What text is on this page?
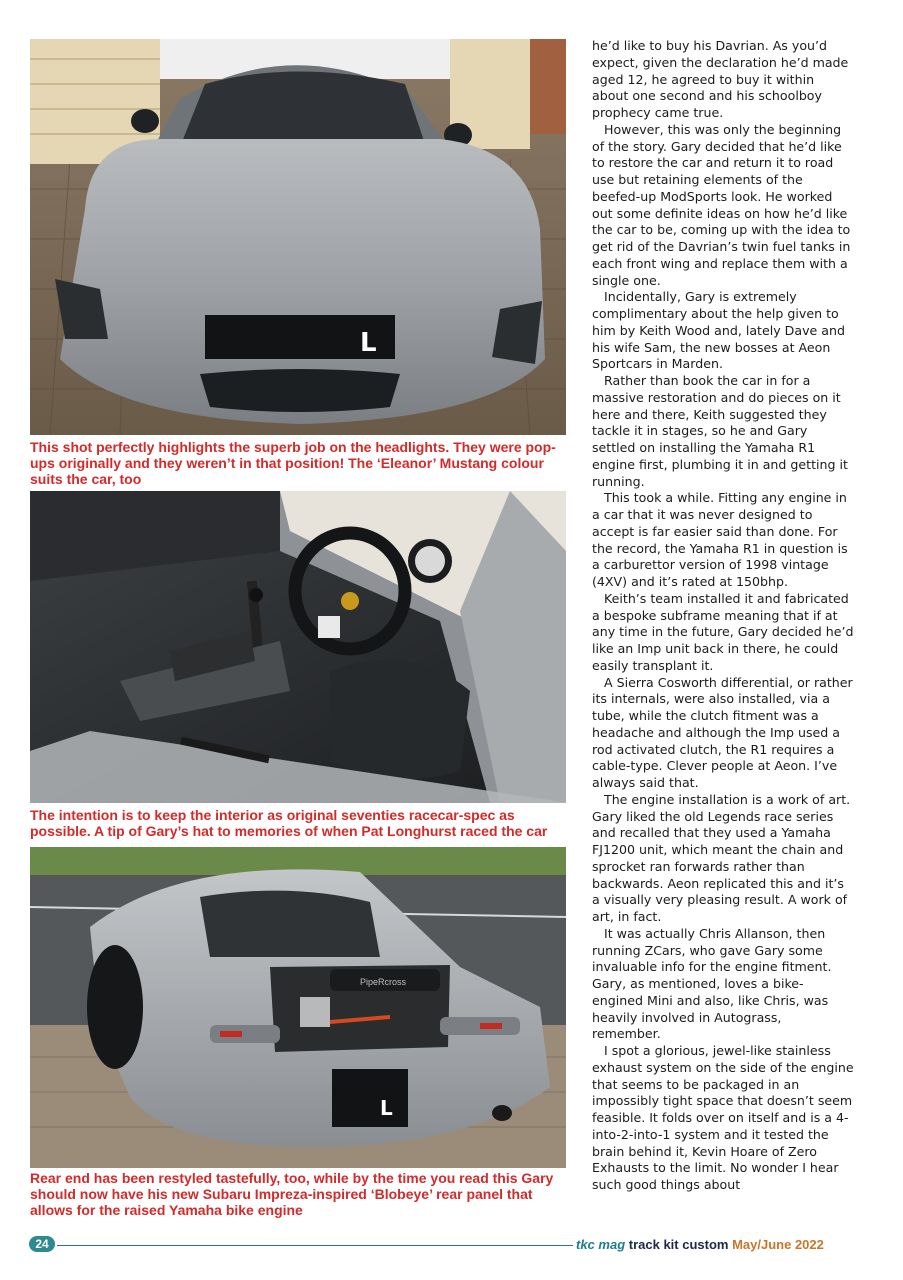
L

This shot perfectly highlights the superb job on the headlights. They were pop-ups originally and they weren’t in that position! The ‘Eleanor’ Mustang colour suits the car, too

The intention is to keep the interior as original seventies racecar-spec as possible. A tip of Gary’s hat to memories of when Pat Longhurst raced the car

PipeRcross
L

Rear end has been restyled tastefully, too, while by the time you read this Gary should now have his new Subaru Impreza-inspired ‘Blobeye’ rear panel that allows for the raised Yamaha bike engine

he’d like to buy his Davrian. As you’d expect, given the declaration he’d made aged 12, he agreed to buy it within about one second and his schoolboy prophecy came true.

However, this was only the beginning of the story. Gary decided that he’d like to restore the car and return it to road use but retaining elements of the beefed-up ModSports look. He worked out some definite ideas on how he’d like the car to be, coming up with the idea to get rid of the Davrian’s twin fuel tanks in each front wing and replace them with a single one.

Incidentally, Gary is extremely complimentary about the help given to him by Keith Wood and, lately Dave and his wife Sam, the new bosses at Aeon Sportcars in Marden.

Rather than book the car in for a massive restoration and do pieces on it here and there, Keith suggested they tackle it in stages, so he and Gary settled on installing the Yamaha R1 engine first, plumbing it in and getting it running.

This took a while. Fitting any engine in a car that it was never designed to accept is far easier said than done. For the record, the Yamaha R1 in question is a carburettor version of 1998 vintage (4XV) and it’s rated at 150bhp.

Keith’s team installed it and fabricated a bespoke subframe meaning that if at any time in the future, Gary decided he’d like an Imp unit back in there, he could easily transplant it.

A Sierra Cosworth differential, or rather its internals, were also installed, via a tube, while the clutch fitment was a headache and although the Imp used a rod activated clutch, the R1 requires a cable-type. Clever people at Aeon. I’ve always said that.

The engine installation is a work of art. Gary liked the old Legends race series and recalled that they used a Yamaha FJ1200 unit, which meant the chain and sprocket ran forwards rather than backwards. Aeon replicated this and it’s a visually very pleasing result. A work of art, in fact.

It was actually Chris Allanson, then running ZCars, who gave Gary some invaluable info for the engine fitment. Gary, as mentioned, loves a bike-engined Mini and also, like Chris, was heavily involved in Autograss, remember.

I spot a glorious, jewel-like stainless exhaust system on the side of the engine that seems to be packaged in an impossibly tight space that doesn’t seem feasible. It folds over on itself and is a 4-into-2-into-1 system and it tested the brain behind it, Kevin Hoare of Zero Exhausts to the limit. No wonder I hear such good things about

24	tkc mag track kit custom May/June 2022
